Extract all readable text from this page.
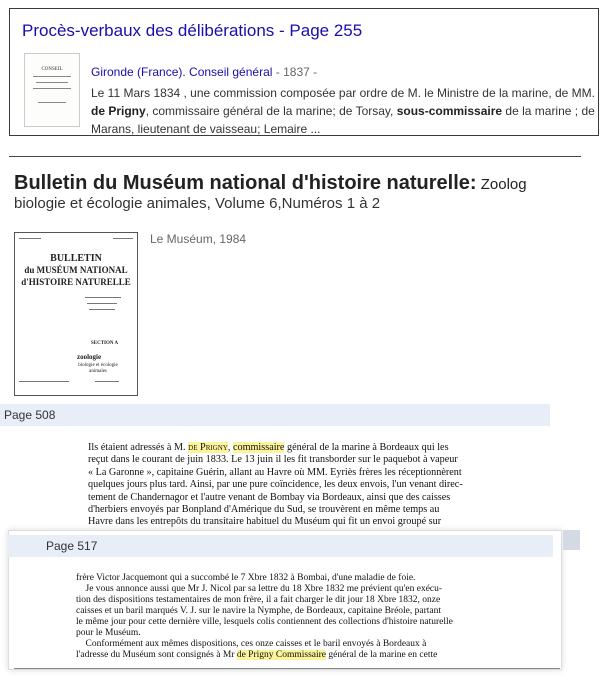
Procès-verbaux des délibérations - Page 255
CONSEIL	Gironde (France). Conseil général - 1837 -
Le 11 Mars 1834 , une commission composée par ordre de M. le Ministre de la marine, de MM.
de Prigny, commissaire général de la marine; de Torsay, sous-commissaire de la marine ; de
Marans, lieutenant de vaisseau; Lemaire ...
Bulletin du Muséum national d'histoire naturelle: Zoolog
biologie et écologie animales, Volume 6,Numéros 1 à 2
BULLETIN
du MUSÉUM NATIONAL
d'HISTOIRE NATURELLE
SECTION A
zoologie
biologie et écologie animales
Le Muséum, 1984
Page 508

Ils étaient adressés à M. de Prigny, commissaire général de la marine à Bordeaux qui les

reçut dans le courant de juin 1833. Le 13 juin il les fit transborder sur le paquebot à vapeur

« La Garonne », capitaine Guérin, allant au Havre où MM. Eyriès frères les réceptionnèrent

quelques jours plus tard. Ainsi, par une pure coïncidence, les deux envois, l'un venant direc-

tement de Chandernagor et l'autre venant de Bombay via Bordeaux, ainsi que des caisses

d'herbiers envoyés par Bonpland d'Amérique du Sud, se trouvèrent en même temps au

Havre dans les entrepôts du transitaire habituel du Muséum qui fit un envoi groupé sur

Page 517

frère Victor Jacquemont qui a succombé le 7 Xbre 1832 à Bombai, d'une maladie de foie.

Je vous annonce aussi que Mr J. Nicol par sa lettre du 18 Xbre 1832 me prévient qu'en exécu-

tion des dispositions testamentaires de mon frère, il a fait charger le dit jour 18 Xbre 1832, onze

caisses et un baril marqués V. J. sur le navire la Nymphe, de Bordeaux, capitaine Bréole, partant

le même jour pour cette dernière ville, lesquels colis contiennent des collections d'histoire naturelle

pour le Muséum.

Conformément aux mêmes dispositions, ces onze caisses et le baril envoyés à Bordeaux à

l'adresse du Muséum sont consignés à Mr de Prigny Commissaire général de la marine en cette
